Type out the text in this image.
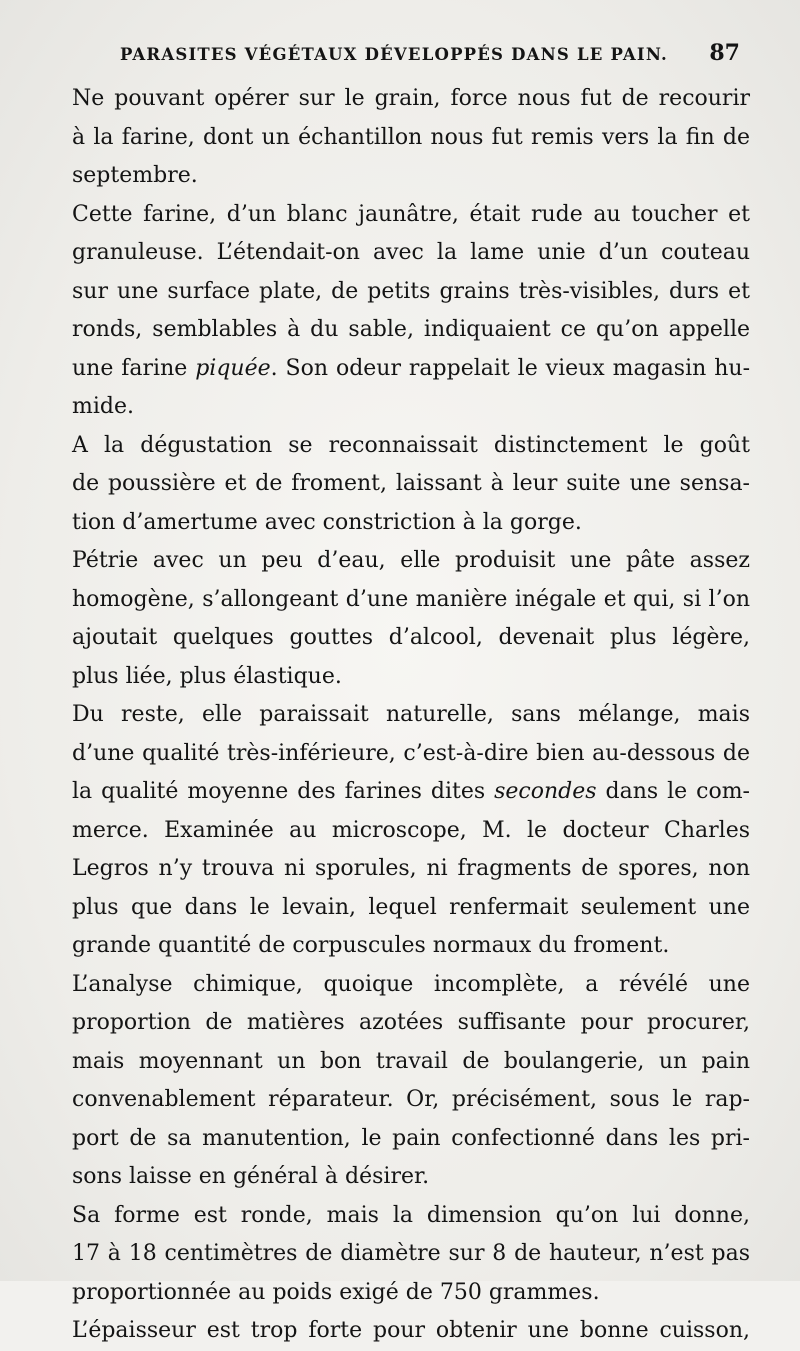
PARASITES VÉGÉTAUX DÉVELOPPÉS DANS LE PAIN. 87

Ne pouvant opérer sur le grain, force nous fut de recourir
à la farine, dont un échantillon nous fut remis vers la fin de
septembre.

Cette farine, d’un blanc jaunâtre, était rude au toucher et
granuleuse. L’étendait-on avec la lame unie d’un couteau
sur une surface plate, de petits grains très-visibles, durs et
ronds, semblables à du sable, indiquaient ce qu’on appelle
une farine piquée. Son odeur rappelait le vieux magasin hu-
mide.

A la dégustation se reconnaissait distinctement le goût
de poussière et de froment, laissant à leur suite une sensa-
tion d’amertume avec constriction à la gorge.

Pétrie avec un peu d’eau, elle produisit une pâte assez
homogène, s’allongeant d’une manière inégale et qui, si l’on
ajoutait quelques gouttes d’alcool, devenait plus légère,
plus liée, plus élastique.

Du reste, elle paraissait naturelle, sans mélange, mais
d’une qualité très-inférieure, c’est-à-dire bien au-dessous de
la qualité moyenne des farines dites secondes dans le com-
merce. Examinée au microscope, M. le docteur Charles
Legros n’y trouva ni sporules, ni fragments de spores, non
plus que dans le levain, lequel renfermait seulement une
grande quantité de corpuscules normaux du froment.

L’analyse chimique, quoique incomplète, a révélé une
proportion de matières azotées suffisante pour procurer,
mais moyennant un bon travail de boulangerie, un pain
convenablement réparateur. Or, précisément, sous le rap-
port de sa manutention, le pain confectionné dans les pri-
sons laisse en général à désirer.

Sa forme est ronde, mais la dimension qu’on lui donne,
17 à 18 centimètres de diamètre sur 8 de hauteur, n’est pas
proportionnée au poids exigé de 750 grammes.

L’épaisseur est trop forte pour obtenir une bonne cuisson,
